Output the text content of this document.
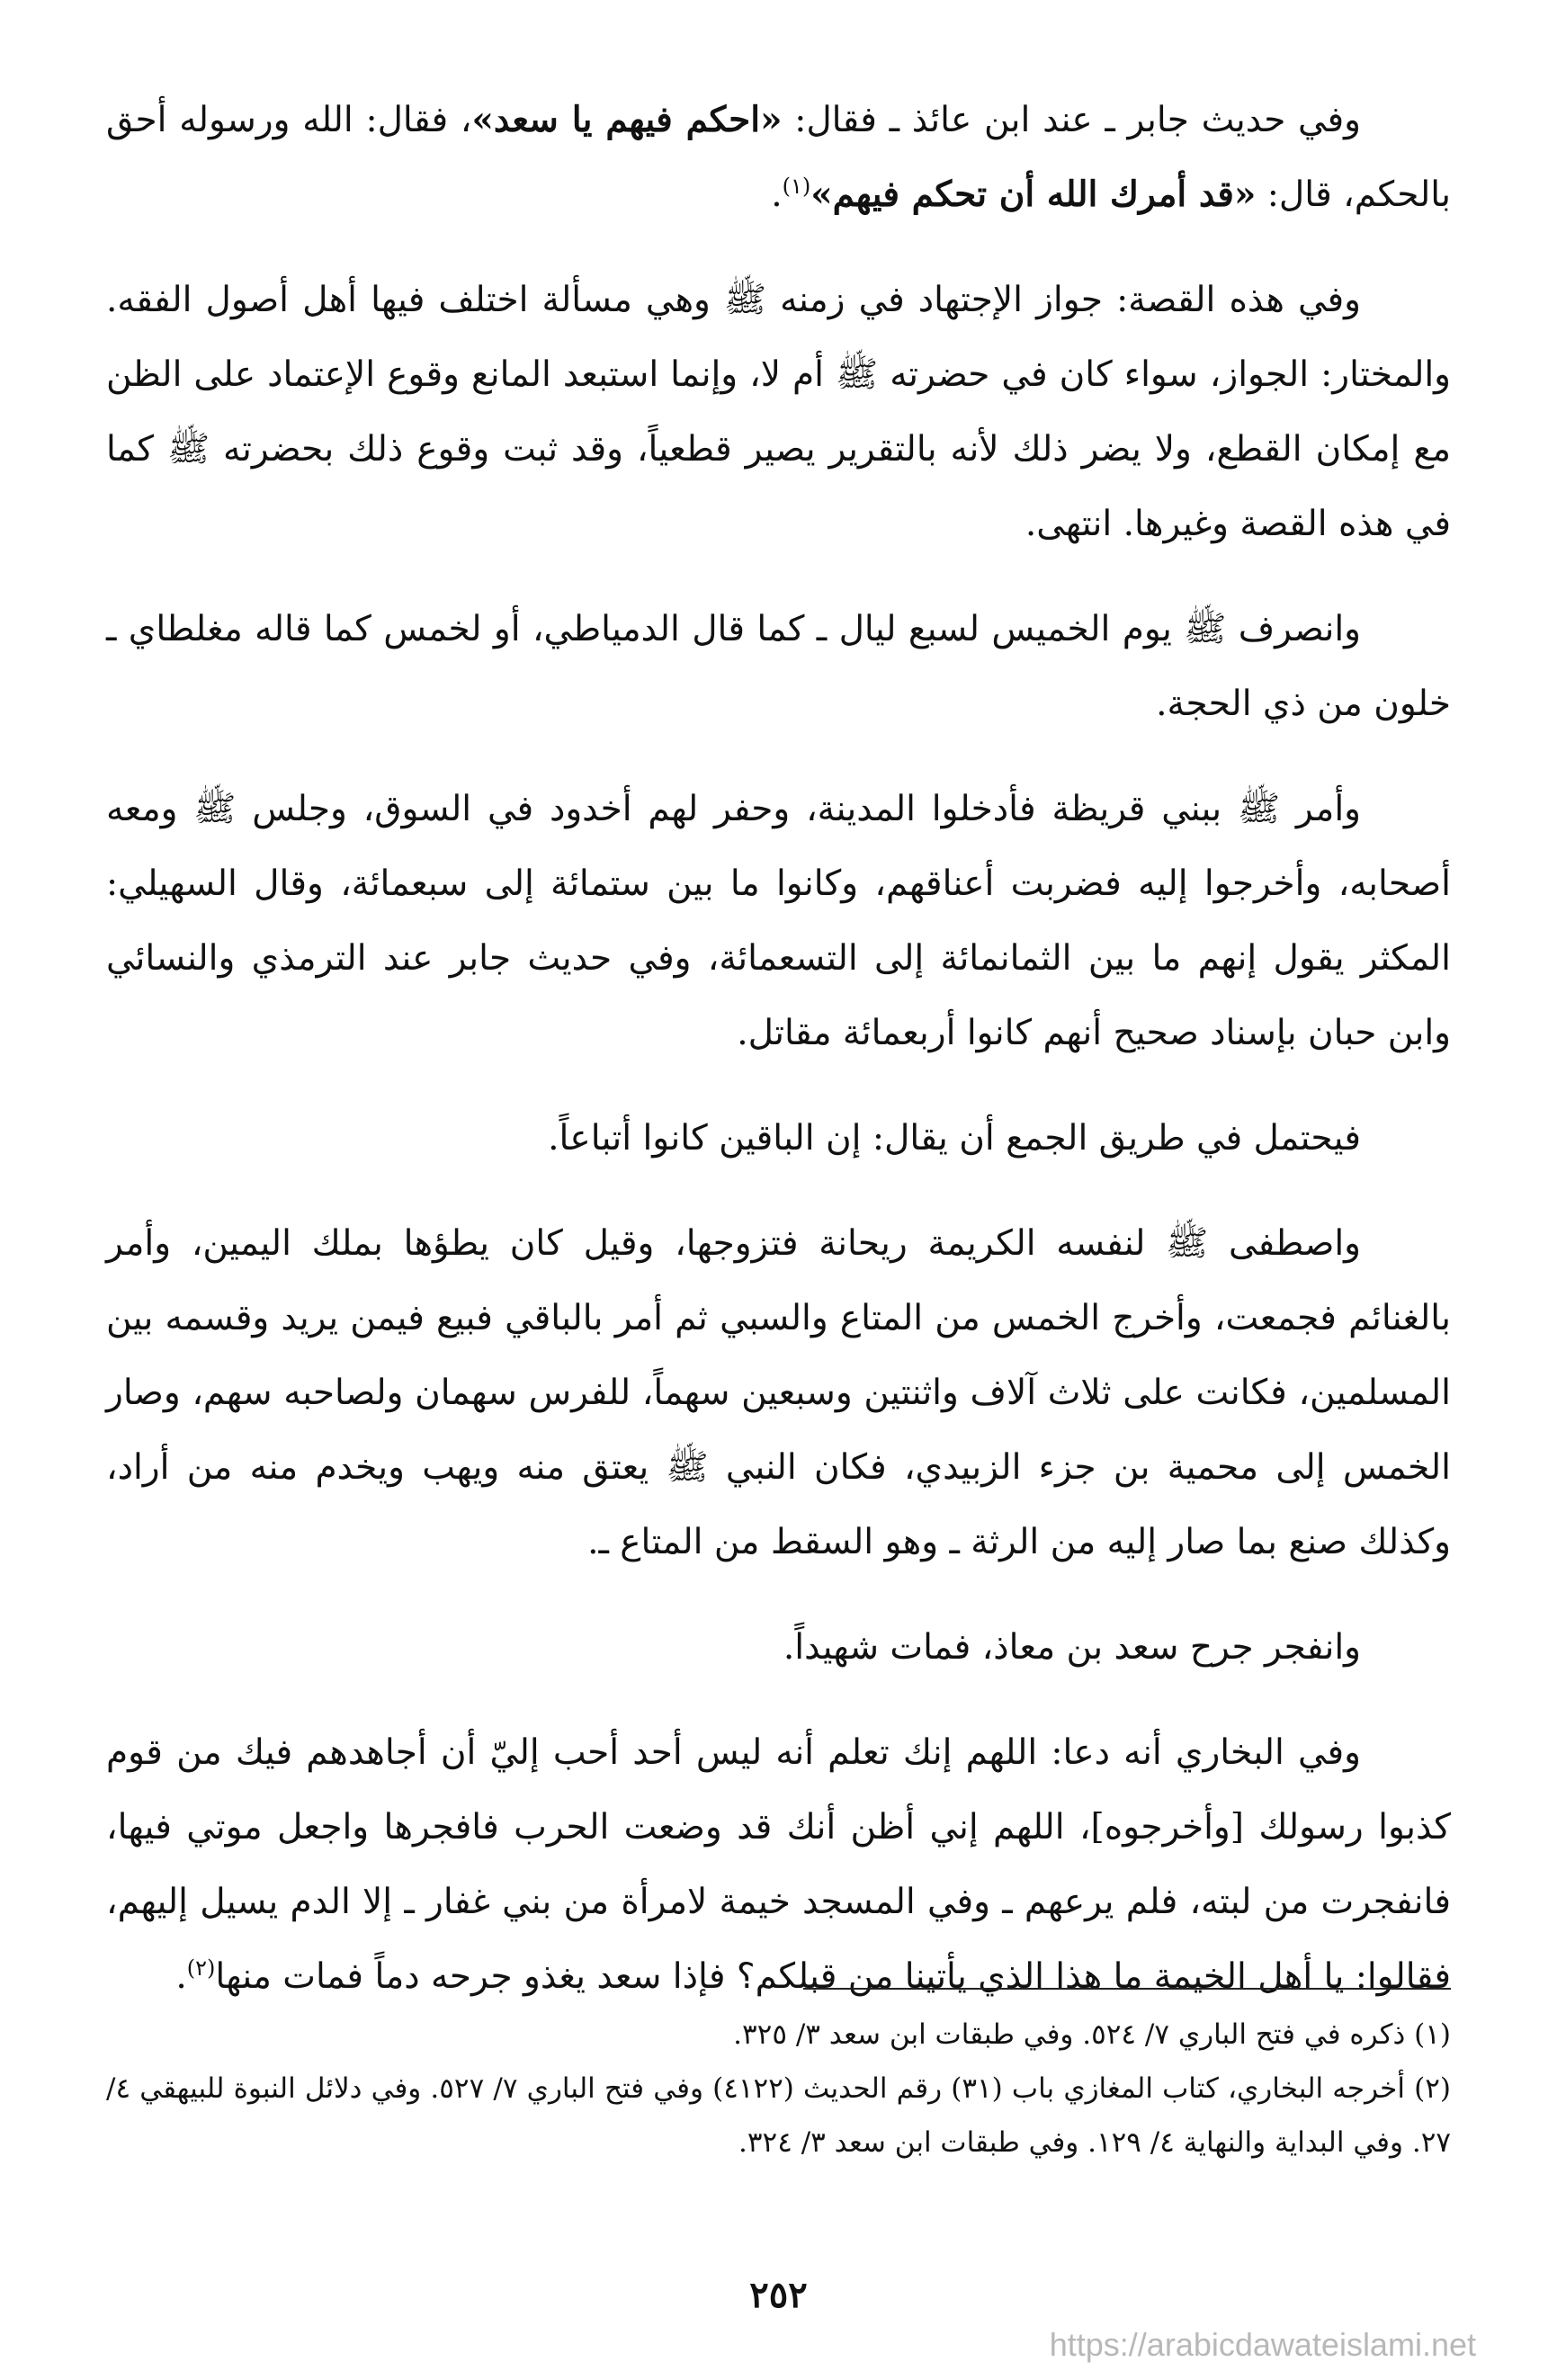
وفي حديث جابر ـ عند ابن عائذ ـ فقال: «احكم فيهم يا سعد»، فقال: الله ورسوله أحق بالحكم، قال: «قد أمرك الله أن تحكم فيهم»$^{(١)}$.

وفي هذه القصة: جواز الإجتهاد في زمنه ﷺ وهي مسألة اختلف فيها أهل أصول الفقه. والمختار: الجواز، سواء كان في حضرته ﷺ أم لا، وإنما استبعد المانع وقوع الإعتماد على الظن مع إمكان القطع، ولا يضر ذلك لأنه بالتقرير يصير قطعياً، وقد ثبت وقوع ذلك بحضرته ﷺ كما في هذه القصة وغيرها. انتهى.

وانصرف ﷺ يوم الخميس لسبع ليال ـ كما قال الدمياطي، أو لخمس كما قاله مغلطاي ـ خلون من ذي الحجة.

وأمر ﷺ ببني قريظة فأدخلوا المدينة، وحفر لهم أخدود في السوق، وجلس ﷺ ومعه أصحابه، وأخرجوا إليه فضربت أعناقهم، وكانوا ما بين ستمائة إلى سبعمائة، وقال السهيلي: المكثر يقول إنهم ما بين الثمانمائة إلى التسعمائة، وفي حديث جابر عند الترمذي والنسائي وابن حبان بإسناد صحيح أنهم كانوا أربعمائة مقاتل.

فيحتمل في طريق الجمع أن يقال: إن الباقين كانوا أتباعاً.

واصطفى ﷺ لنفسه الكريمة ريحانة فتزوجها، وقيل كان يطؤها بملك اليمين، وأمر بالغنائم فجمعت، وأخرج الخمس من المتاع والسبي ثم أمر بالباقي فبيع فيمن يريد وقسمه بين المسلمين، فكانت على ثلاث آلاف واثنتين وسبعين سهماً، للفرس سهمان ولصاحبه سهم، وصار الخمس إلى محمية بن جزء الزبيدي، فكان النبي ﷺ يعتق منه ويهب ويخدم منه من أراد، وكذلك صنع بما صار إليه من الرثة ـ وهو السقط من المتاع ـ.

وانفجر جرح سعد بن معاذ، فمات شهيداً.

وفي البخاري أنه دعا: اللهم إنك تعلم أنه ليس أحد أحب إليّ أن أجاهدهم فيك من قوم كذبوا رسولك [وأخرجوه]، اللهم إني أظن أنك قد وضعت الحرب فافجرها واجعل موتي فيها، فانفجرت من لبته، فلم يرعهم ـ وفي المسجد خيمة لامرأة من بني غفار ـ إلا الدم يسيل إليهم، فقالوا: يا أهل الخيمة ما هذا الذي يأتينا من قبلكم؟ فإذا سعد يغذو جرحه دماً فمات منها$^{(٢)}$.

(١) ذكره في فتح الباري ٧/ ٥٢٤. وفي طبقات ابن سعد ٣/ ٣٢٥.

(٢) أخرجه البخاري، كتاب المغازي باب (٣١) رقم الحديث (٤١٢٢) وفي فتح الباري ٧/ ٥٢٧. وفي دلائل النبوة للبيهقي ٤/ ٢٧. وفي البداية والنهاية ٤/ ١٢٩. وفي طبقات ابن سعد ٣/ ٣٢٤.

٢٥٢
https://arabicdawateislami.net
